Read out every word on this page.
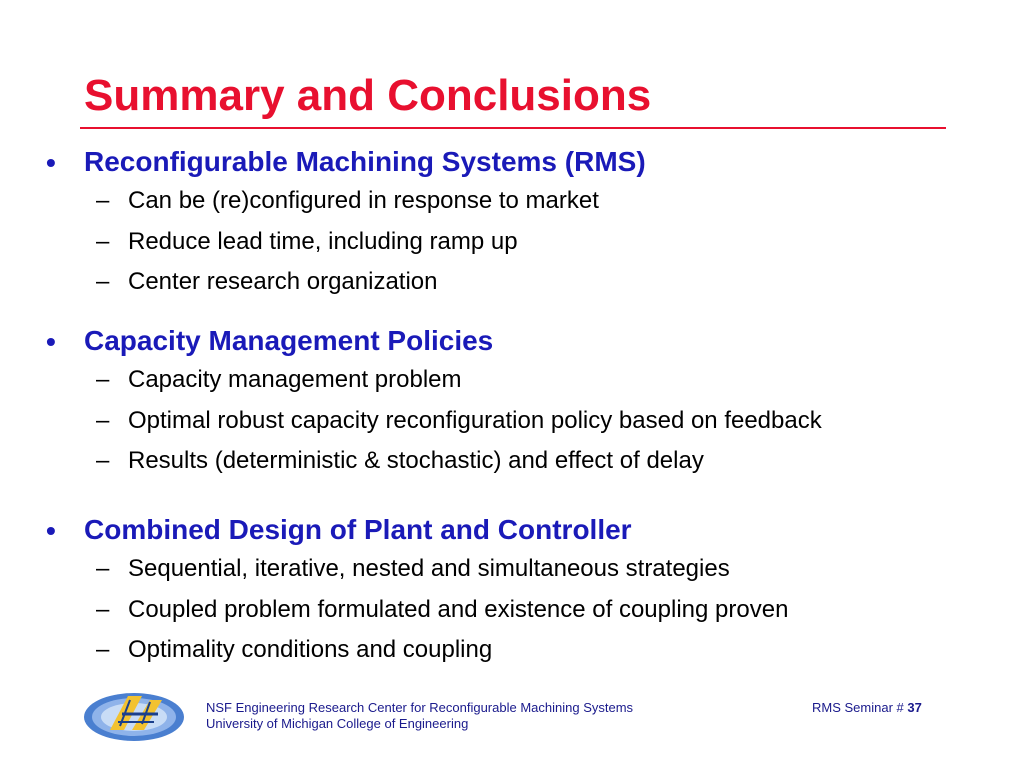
Summary and Conclusions
• Reconfigurable Machining Systems (RMS)
– Can be (re)configured in response to market
– Reduce lead time, including ramp up
– Center research organization
• Capacity Management Policies
– Capacity management problem
– Optimal robust capacity reconfiguration policy based on feedback
– Results (deterministic & stochastic) and effect of delay
• Combined Design of Plant and Controller
– Sequential, iterative, nested and simultaneous strategies
– Coupled problem formulated and existence of coupling proven
– Optimality conditions and coupling
NSF Engineering Research Center for Reconfigurable Machining Systems
University of Michigan College of Engineering
RMS Seminar # 37
